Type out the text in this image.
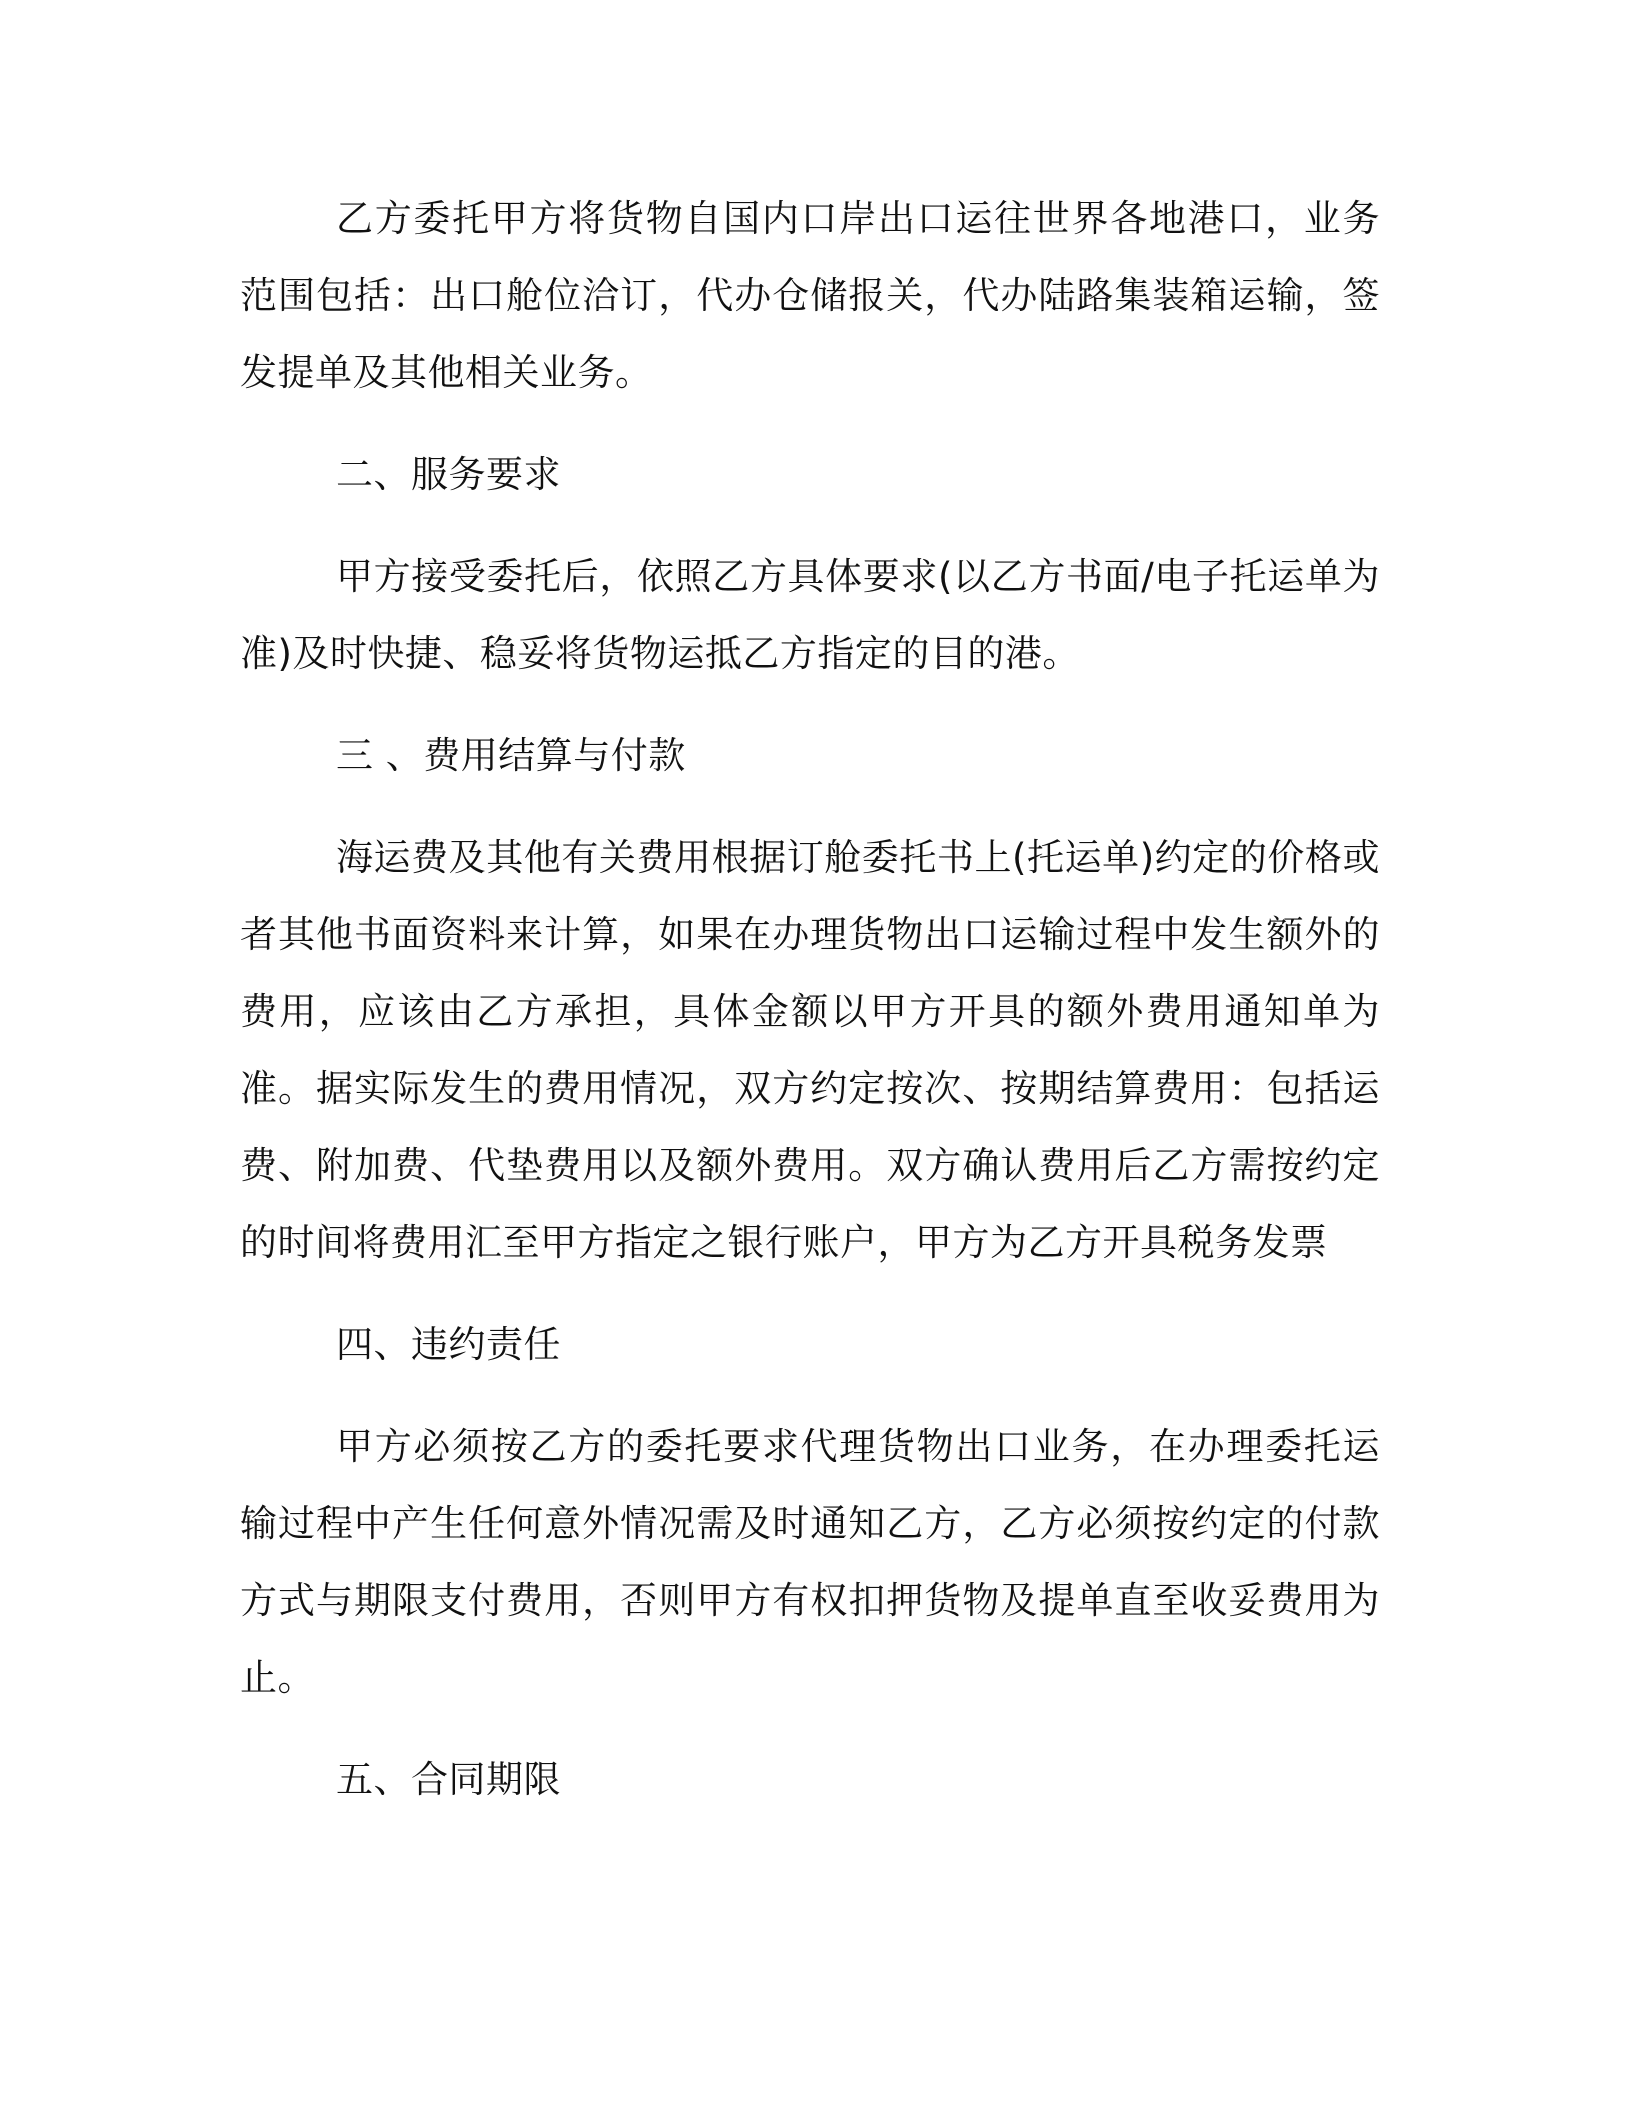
乙方委托甲方将货物自国内口岸出口运往世界各地港口，业务范围包括：出口舱位洽订，代办仓储报关，代办陆路集装箱运输，签发提单及其他相关业务。

二、服务要求

甲方接受委托后，依照乙方具体要求(以乙方书面/电子托运单为准)及时快捷、稳妥将货物运抵乙方指定的目的港。

三 、费用结算与付款

海运费及其他有关费用根据订舱委托书上(托运单)约定的价格或者其他书面资料来计算，如果在办理货物出口运输过程中发生额外的费用，应该由乙方承担，具体金额以甲方开具的额外费用通知单为准。据实际发生的费用情况，双方约定按次、按期结算费用：包括运费、附加费、代垫费用以及额外费用。双方确认费用后乙方需按约定的时间将费用汇至甲方指定之银行账户，甲方为乙方开具税务发票

四、违约责任

甲方必须按乙方的委托要求代理货物出口业务，在办理委托运输过程中产生任何意外情况需及时通知乙方，乙方必须按约定的付款方式与期限支付费用，否则甲方有权扣押货物及提单直至收妥费用为止。

五、合同期限
